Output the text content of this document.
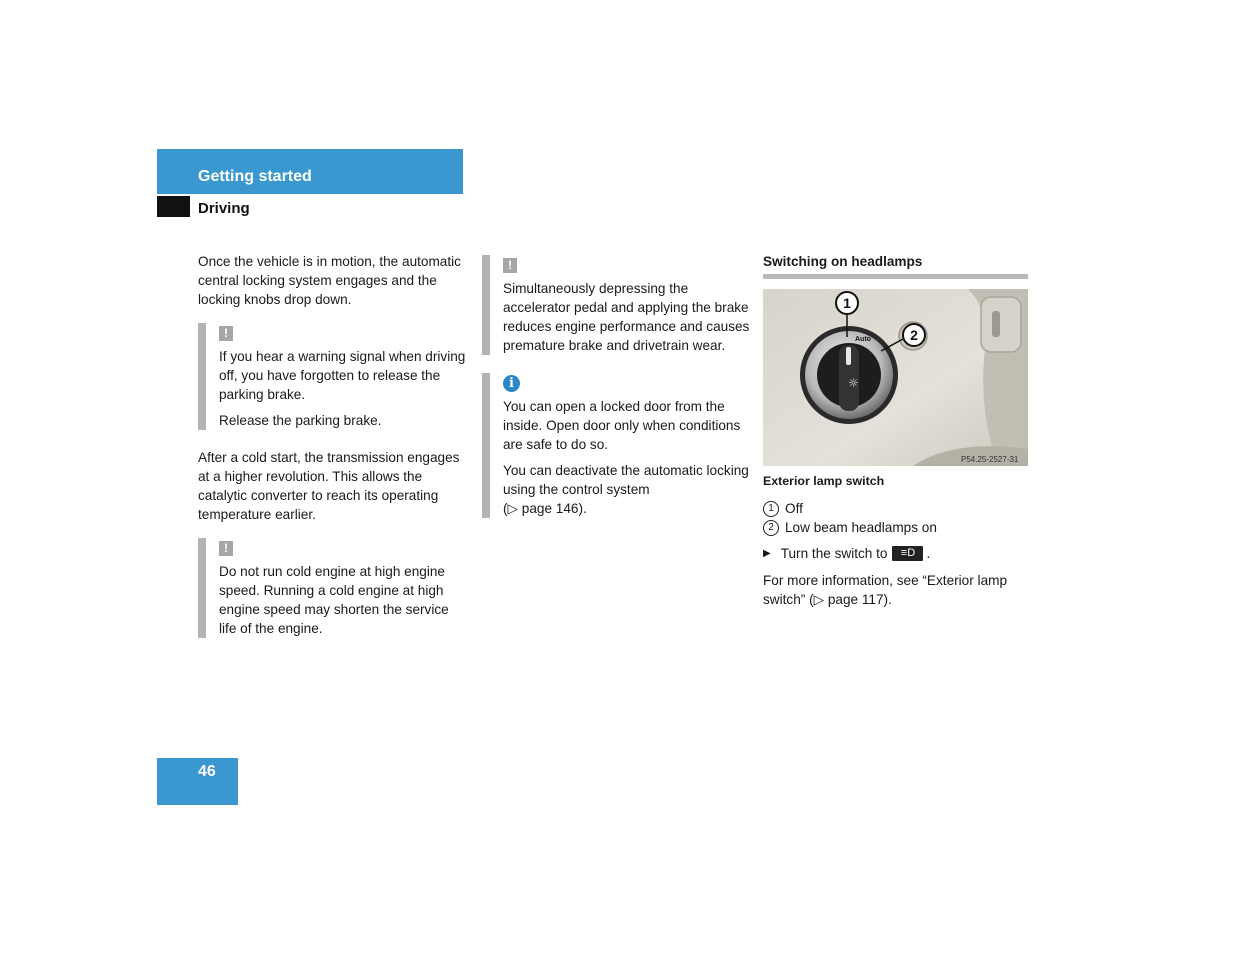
Getting started
Driving

Once the vehicle is in motion, the automatic central locking system engages and the locking knobs drop down.

!

If you hear a warning signal when driving off, you have forgotten to release the parking brake.

Release the parking brake.

After a cold start, the transmission engages at a higher revolution. This allows the catalytic converter to reach its operating temperature earlier.

!

Do not run cold engine at high engine speed. Running a cold engine at high engine speed may shorten the service life of the engine.

!

Simultaneously depressing the accelerator pedal and applying the brake reduces engine performance and causes premature brake and drivetrain wear.

i

You can open a locked door from the inside. Open door only when conditions are safe to do so.

You can deactivate the automatic locking using the control system
(▷ page 146).

Switching on headlamps
Auto
☼
1
2
P54.25-2527-31
Exterior lamp switch
1 Off
2 Low beam headlamps on
▶ Turn the switch to	≡D .

For more information, see “Exterior lamp switch” (▷ page 117).

46
